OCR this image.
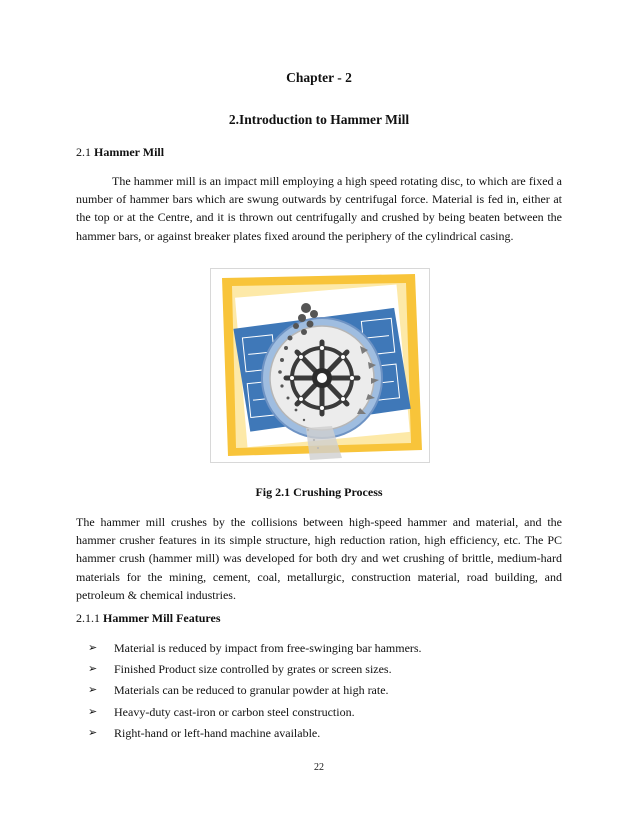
Chapter - 2
2.Introduction to Hammer Mill
2.1 Hammer Mill
The hammer mill is an impact mill employing a high speed rotating disc, to which are fixed a number of hammer bars which are swung outwards by centrifugal force. Material is fed in, either at the top or at the Centre, and it is thrown out centrifugally and crushed by being beaten between the hammer bars, or against breaker plates fixed around the periphery of the cylindrical casing.
Fig 2.1 Crushing Process
The hammer mill crushes by the collisions between high-speed hammer and material, and the hammer crusher features in its simple structure, high reduction ration, high efficiency, etc. The PC hammer crush (hammer mill) was developed for both dry and wet crushing of brittle, medium-hard materials for the mining, cement, coal, metallurgic, construction material, road building, and petroleum & chemical industries.
2.1.1 Hammer Mill Features
➢ Material is reduced by impact from free-swinging bar hammers.
➢ Finished Product size controlled by grates or screen sizes.
➢ Materials can be reduced to granular powder at high rate.
➢ Heavy-duty cast-iron or carbon steel construction.
➢ Right-hand or left-hand machine available.
22
